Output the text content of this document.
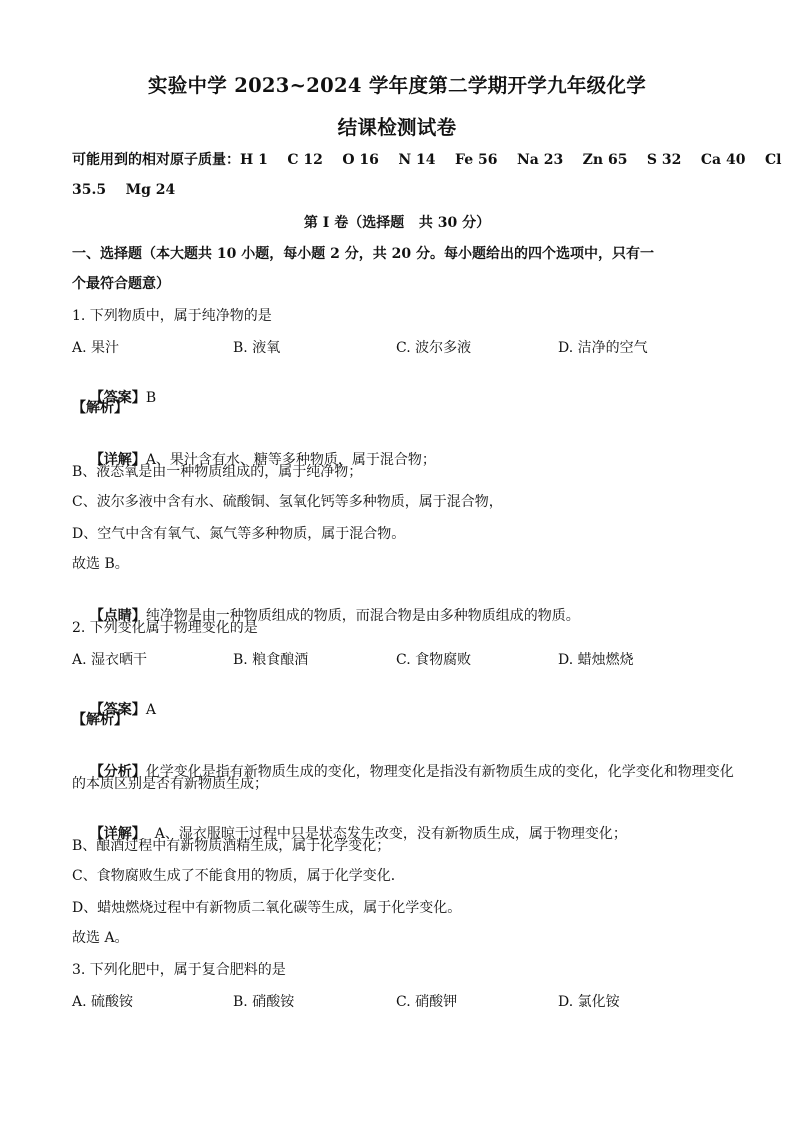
实验中学 2023~2024 学年度第二学期开学九年级化学
结课检测试卷
可能用到的相对原子质量：H 1    C 12    O 16    N 14    Fe 56    Na 23    Zn 65    S 32    Ca 40    Cl
35.5    Mg 24
第 I 卷（选择题   共 30 分）
一、选择题（本大题共 10 小题，每小题 2 分，共 20 分。每小题给出的四个选项中，只有一
个最符合题意）
1. 下列物质中，属于纯净物的是
A. 果汁	B. 液氧	C. 波尔多液	D. 洁净的空气

【答案】B

【解析】

【详解】A、果汁含有水、糖等多种物质，属于混合物；

B、液态氧是由一种物质组成的，属于纯净物；
C、波尔多液中含有水、硫酸铜、氢氧化钙等多种物质，属于混合物，
D、空气中含有氧气、氮气等多种物质，属于混合物。
故选 B。

【点睛】纯净物是由一种物质组成的物质，而混合物是由多种物质组成的物质。

2. 下列变化属于物理变化的是
A. 湿衣晒干	B. 粮食酿酒	C. 食物腐败	D. 蜡烛燃烧

【答案】A

【解析】

【分析】化学变化是指有新物质生成的变化，物理变化是指没有新物质生成的变化，化学变化和物理变化

的本质区别是否有新物质生成；

【详解】  A、湿衣服晾干过程中只是状态发生改变，没有新物质生成，属于物理变化；

B、酿酒过程中有新物质酒精生成，属于化学变化；
C、食物腐败生成了不能食用的物质，属于化学变化．
D、蜡烛燃烧过程中有新物质二氧化碳等生成，属于化学变化。
故选 A。
3. 下列化肥中，属于复合肥料的是
A. 硫酸铵	B. 硝酸铵	C. 硝酸钾	D. 氯化铵
